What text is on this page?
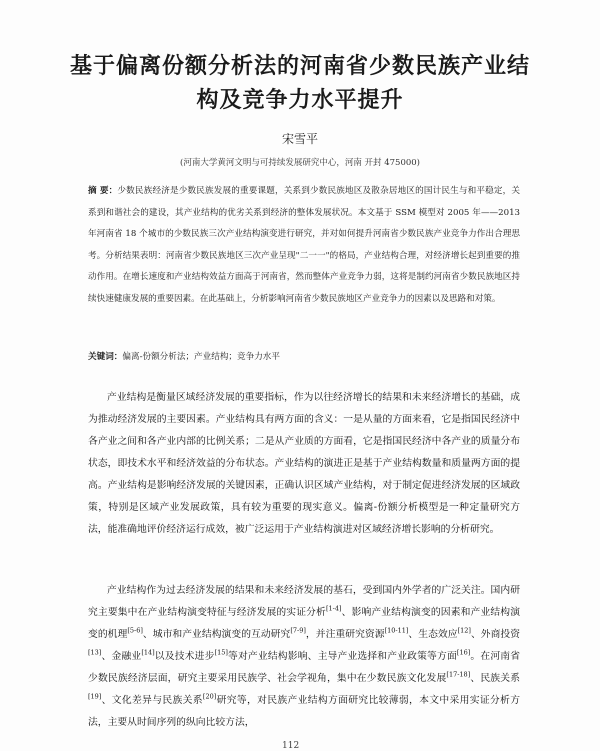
基于偏离份额分析法的河南省少数民族产业结构及竞争力水平提升
宋雪平
(河南大学黄河文明与可持续发展研究中心，河南 开封 475000)

摘 要：少数民族经济是少数民族发展的重要课题，关系到少数民族地区及散杂居地区的国计民生与和平稳定，关系到和谐社会的建设，其产业结构的优劣关系到经济的整体发展状况。本文基于 SSM 模型对 2005 年——2013 年河南省 18 个城市的少数民族三次产业结构演变进行研究，并对如何提升河南省少数民族产业竞争力作出合理思考。分析结果表明：河南省少数民族地区三次产业呈现"二一一"的格局，产业结构合理，对经济增长起到重要的推动作用。在增长速度和产业结构效益方面高于河南省，然而整体产业竞争力弱，这将是制约河南省少数民族地区持续快速健康发展的重要因素。在此基础上，分析影响河南省少数民族地区产业竞争力的因素以及思路和对策。

关键词：偏离-份额分析法；产业结构；竞争力水平

产业结构是衡量区域经济发展的重要指标，作为以往经济增长的结果和未来经济增长的基础，成为推动经济发展的主要因素。产业结构具有两方面的含义：一是从量的方面来看，它是指国民经济中各产业之间和各产业内部的比例关系；二是从产业质的方面看，它是指国民经济中各产业的质量分布状态，即技术水平和经济效益的分布状态。产业结构的演进正是基于产业结构数量和质量两方面的提高。产业结构是影响经济发展的关键因素，正确认识区域产业结构，对于制定促进经济发展的区域政策，特别是区域产业发展政策，具有较为重要的现实意义。偏离-份额分析模型是一种定量研究方法，能准确地评价经济运行成效，被广泛运用于产业结构演进对区域经济增长影响的分析研究。

产业结构作为过去经济发展的结果和未来经济发展的基石，受到国内外学者的广泛关注。国内研究主要集中在产业结构演变特征与经济发展的实证分析[1-4]、影响产业结构演变的因素和产业结构演变的机理[5-6]、城市和产业结构演变的互动研究[7-9]，并注重研究资源[10-11]、生态效应[12]、外商投资[13]、金融业[14]以及技术进步[15]等对产业结构影响、主导产业选择和产业政策等方面[16]。在河南省少数民族经济层面，研究主要采用民族学、社会学视角，集中在少数民族文化发展[17-18]、民族关系[19]、文化差异与民族关系[20]研究等，对民族产业结构方面研究比较薄弱，本文中采用实证分析方法，主要从时间序列的纵向比较方法，

112
